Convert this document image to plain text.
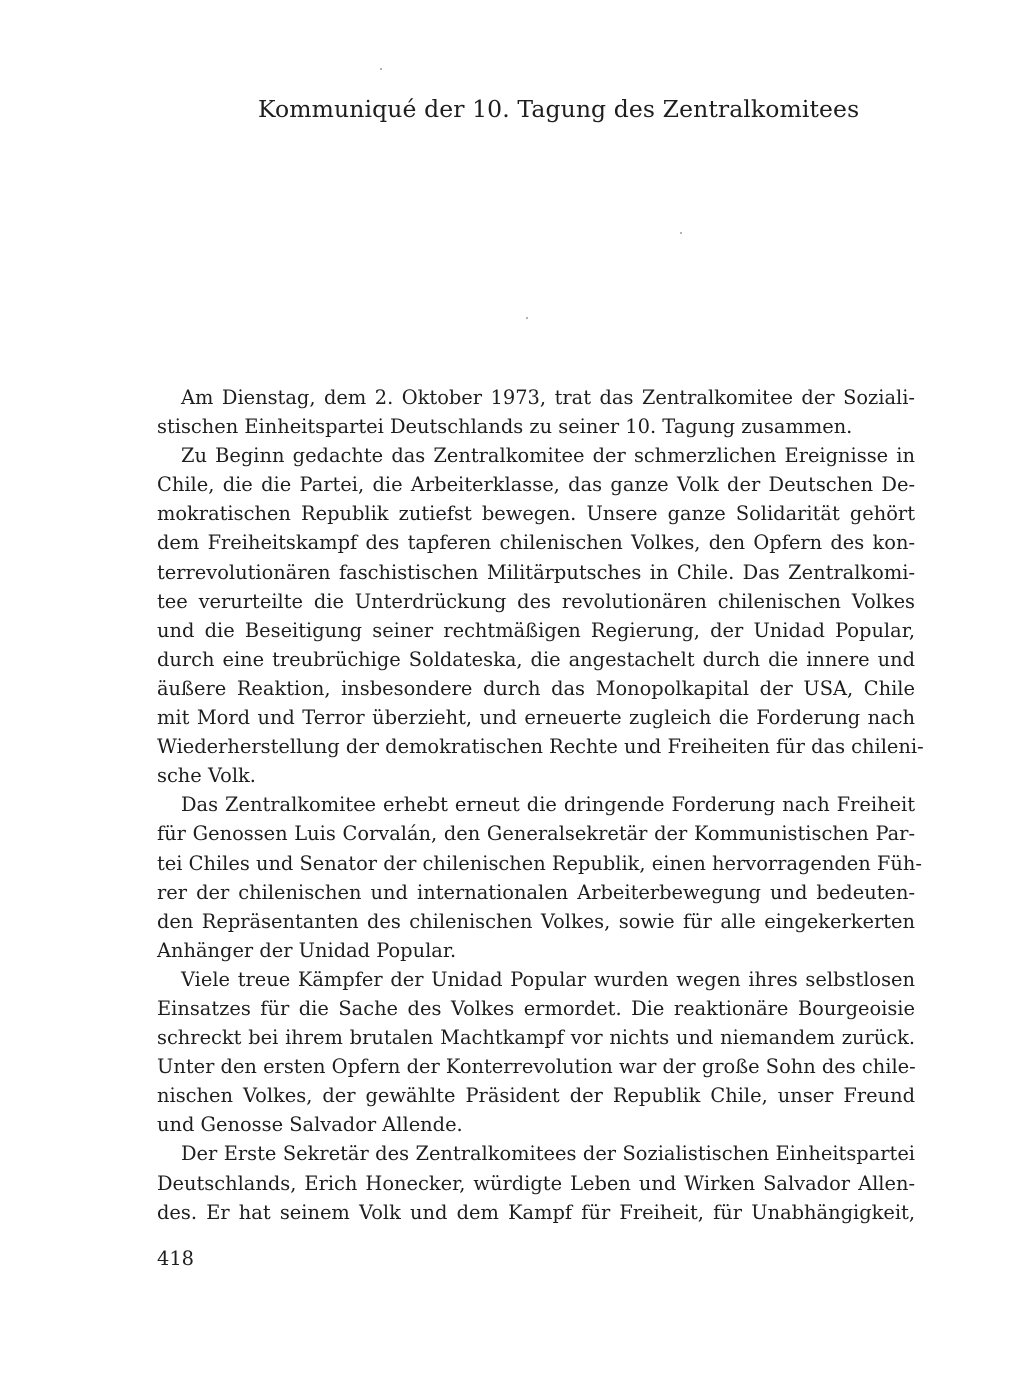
Kommuniqué der 10. Tagung des Zentralkomitees
Am Dienstag, dem 2. Oktober 1973, trat das Zentralkomitee der Soziali-
stischen Einheitspartei Deutschlands zu seiner 10. Tagung zusammen.
Zu Beginn gedachte das Zentralkomitee der schmerzlichen Ereignisse in
Chile, die die Partei, die Arbeiterklasse, das ganze Volk der Deutschen De-
mokratischen Republik zutiefst bewegen. Unsere ganze Solidarität gehört
dem Freiheitskampf des tapferen chilenischen Volkes, den Opfern des kon-
terrevolutionären faschistischen Militärputsches in Chile. Das Zentralkomi-
tee verurteilte die Unterdrückung des revolutionären chilenischen Volkes
und die Beseitigung seiner rechtmäßigen Regierung, der Unidad Popular,
durch eine treubrüchige Soldateska, die angestachelt durch die innere und
äußere Reaktion, insbesondere durch das Monopolkapital der USA, Chile
mit Mord und Terror überzieht, und erneuerte zugleich die Forderung nach
Wiederherstellung der demokratischen Rechte und Freiheiten für das chileni-
sche Volk.
Das Zentralkomitee erhebt erneut die dringende Forderung nach Freiheit
für Genossen Luis Corvalán, den Generalsekretär der Kommunistischen Par-
tei Chiles und Senator der chilenischen Republik, einen hervorragenden Füh-
rer der chilenischen und internationalen Arbeiterbewegung und bedeuten-
den Repräsentanten des chilenischen Volkes, sowie für alle eingekerkerten
Anhänger der Unidad Popular.
Viele treue Kämpfer der Unidad Popular wurden wegen ihres selbstlosen
Einsatzes für die Sache des Volkes ermordet. Die reaktionäre Bourgeoisie
schreckt bei ihrem brutalen Machtkampf vor nichts und niemandem zurück.
Unter den ersten Opfern der Konterrevolution war der große Sohn des chile-
nischen Volkes, der gewählte Präsident der Republik Chile, unser Freund
und Genosse Salvador Allende.
Der Erste Sekretär des Zentralkomitees der Sozialistischen Einheitspartei
Deutschlands, Erich Honecker, würdigte Leben und Wirken Salvador Allen-
des. Er hat seinem Volk und dem Kampf für Freiheit, für Unabhängigkeit,
418
